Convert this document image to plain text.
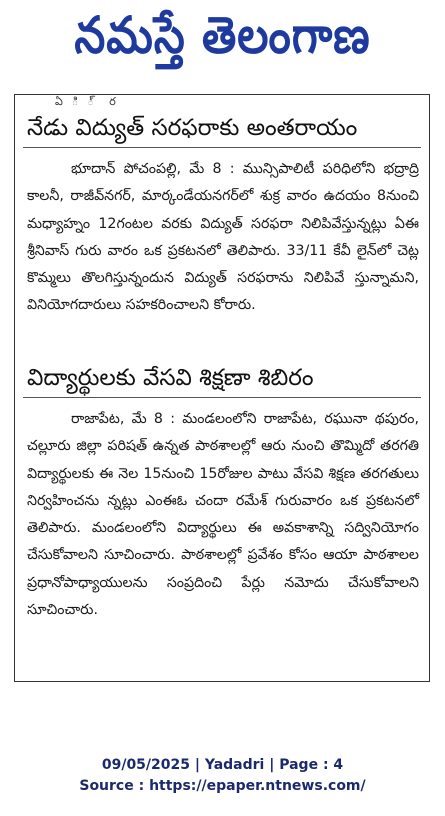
నమస్తే తెలంగాణ
ఏ ి ్ ర
నేడు విద్యుత్ సరఫరాకు అంతరాయం

భూదాన్ పోచంపల్లి, మే 8 : మున్సిపాలిటీ పరిధిలోని భద్రాద్రి కాలనీ, రాజీవ్‌నగర్, మార్కండేయనగర్‌లో శుక్ర వారం ఉదయం 8నుంచి మధ్యాహ్నం 12గంటల వరకు విద్యుత్ సరఫరా నిలిపివేస్తున్నట్లు ఏఈ శ్రీనివాస్ గురు వారం ఒక ప్రకటనలో తెలిపారు. 33/11 కేవీ లైన్‌లో చెట్ల కొమ్మలు తొలగిస్తున్నందున విద్యుత్ సరఫరాను నిలిపివే స్తున్నామని, వినియోగదారులు సహకరించాలని కోరారు.

విద్యార్థులకు వేసవి శిక్షణా శిబిరం

రాజాపేట, మే 8 : మండలంలోని రాజాపేట, రఘునా థపురం, చల్లూరు జిల్లా పరిషత్ ఉన్నత పాఠశాలల్లో ఆరు నుంచి తొమ్మిదో తరగతి విద్యార్థులకు ఈ నెల 15నుంచి 15రోజుల పాటు వేసవి శిక్షణ తరగతులు నిర్వహించను న్నట్లు ఎంఈఓ చందా రమేశ్ గురువారం ఒక ప్రకటనలో తెలిపారు. మండలంలోని విద్యార్థులు ఈ అవకాశాన్ని సద్వినియోగం చేసుకోవాలని సూచించారు. పాఠశాలల్లో ప్రవేశం కోసం ఆయా పాఠశాలల ప్రధానోపాధ్యాయులను సంప్రదించి పేర్లు నమోదు చేసుకోవాలని సూచించారు.

09/05/2025 | Yadadri | Page : 4
Source : https://epaper.ntnews.com/
